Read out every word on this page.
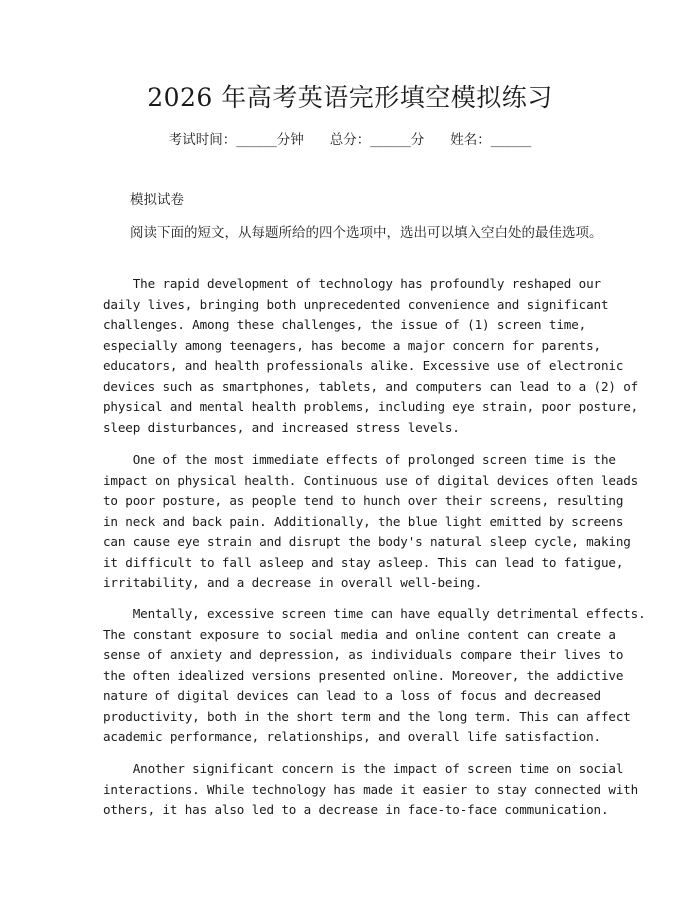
2026 年高考英语完形填空模拟练习
考试时间：______分钟 总分：______分 姓名：______
模拟试卷
阅读下面的短文，从每题所给的四个选项中，选出可以填入空白处的最佳选项。
The rapid development of technology has profoundly reshaped our
daily lives, bringing both unprecedented convenience and significant
challenges. Among these challenges, the issue of (1) screen time,
especially among teenagers, has become a major concern for parents,
educators, and health professionals alike. Excessive use of electronic
devices such as smartphones, tablets, and computers can lead to a (2) of
physical and mental health problems, including eye strain, poor posture,
sleep disturbances, and increased stress levels.
One of the most immediate effects of prolonged screen time is the
impact on physical health. Continuous use of digital devices often leads
to poor posture, as people tend to hunch over their screens, resulting
in neck and back pain. Additionally, the blue light emitted by screens
can cause eye strain and disrupt the body's natural sleep cycle, making
it difficult to fall asleep and stay asleep. This can lead to fatigue,
irritability, and a decrease in overall well-being.
Mentally, excessive screen time can have equally detrimental effects.
The constant exposure to social media and online content can create a
sense of anxiety and depression, as individuals compare their lives to
the often idealized versions presented online. Moreover, the addictive
nature of digital devices can lead to a loss of focus and decreased
productivity, both in the short term and the long term. This can affect
academic performance, relationships, and overall life satisfaction.
Another significant concern is the impact of screen time on social
interactions. While technology has made it easier to stay connected with
others, it has also led to a decrease in face-to-face communication.
